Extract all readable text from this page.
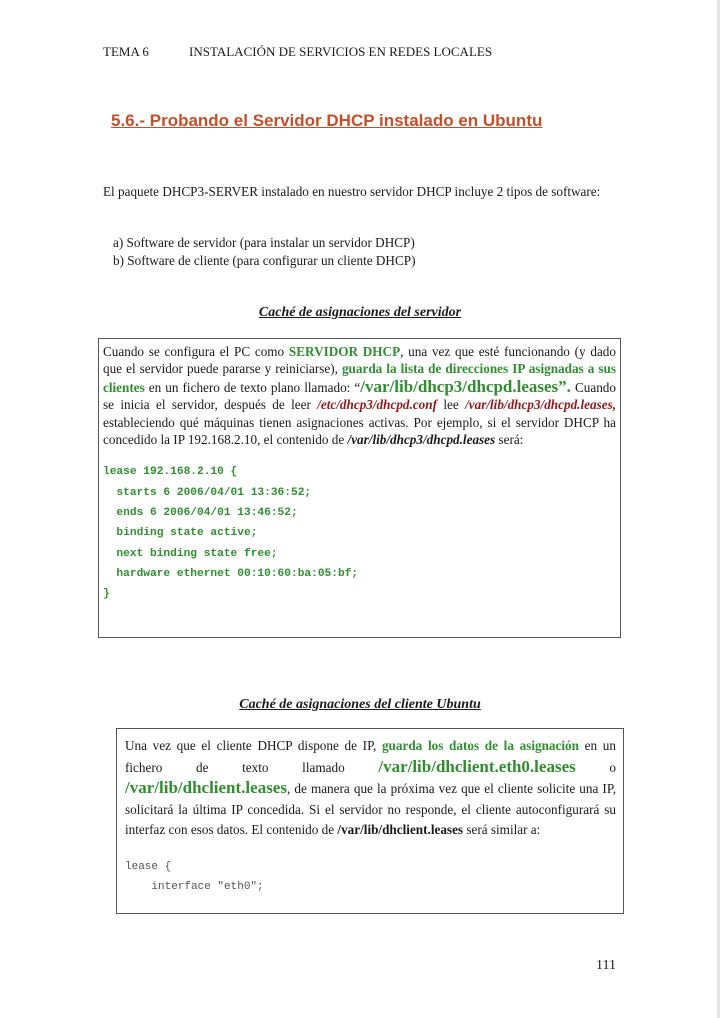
TEMA 6	INSTALACIÓN DE SERVICIOS EN REDES LOCALES
5.6.- Probando el Servidor DHCP instalado en Ubuntu
El paquete DHCP3-SERVER instalado en nuestro servidor DHCP incluye 2 tipos de software:
a) Software de servidor (para instalar un servidor DHCP)
b) Software de cliente (para configurar un cliente DHCP)
Caché de asignaciones del servidor
Cuando se configura el PC como SERVIDOR DHCP, una vez que esté funcionando (y dado que el servidor puede pararse y reiniciarse), guarda la lista de direcciones IP asignadas a sus clientes en un fichero de texto plano llamado: “/var/lib/dhcp3/dhcpd.leases”. Cuando se inicia el servidor, después de leer /etc/dhcp3/dhcpd.conf lee /var/lib/dhcp3/dhcpd.leases, estableciendo qué máquinas tienen asignaciones activas. Por ejemplo, si el servidor DHCP ha concedido la IP 192.168.2.10, el contenido de /var/lib/dhcp3/dhcpd.leases será:
lease 192.168.2.10 {
starts 6 2006/04/01 13:36:52;
ends 6 2006/04/01 13:46:52;
binding state active;
next binding state free;
hardware ethernet 00:10:60:ba:05:bf;
}
Caché de asignaciones del cliente Ubuntu
Una vez que el cliente DHCP dispone de IP, guarda los datos de la asignación en un fichero de texto llamado /var/lib/dhclient.eth0.leases o /var/lib/dhclient.leases, de manera que la próxima vez que el cliente solicite una IP, solicitará la última IP concedida. Si el servidor no responde, el cliente autoconfigurará su interfaz con esos datos. El contenido de /var/lib/dhclient.leases será similar a:
lease {
interface "eth0";
111
